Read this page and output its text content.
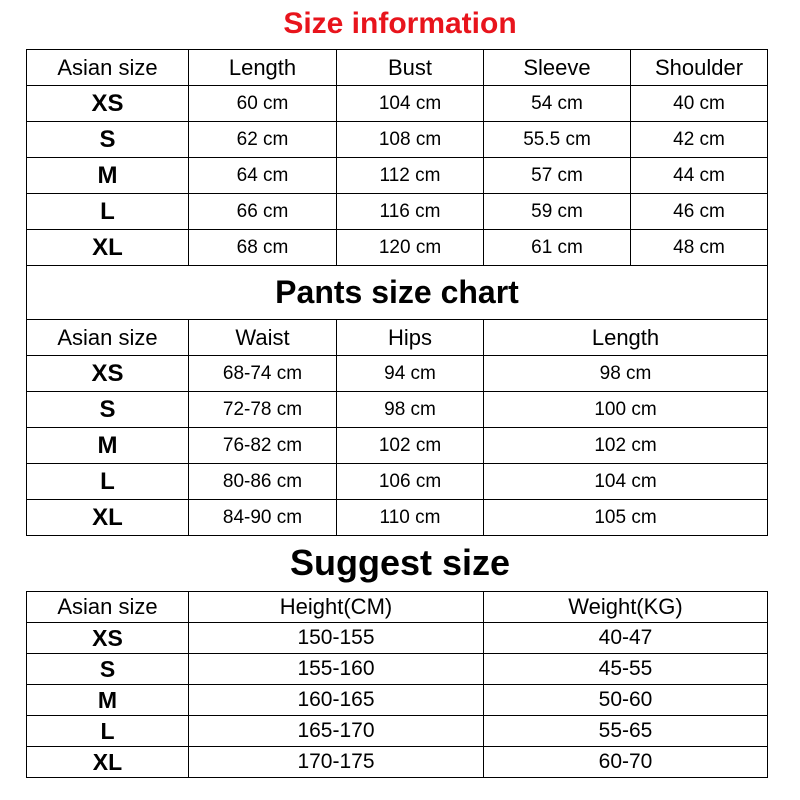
Size information
Asian size	Length	Bust	Sleeve	Shoulder
XS	60 cm	104 cm	54 cm	40 cm
S	62 cm	108 cm	55.5 cm	42 cm
M	64 cm	112 cm	57 cm	44 cm
L	66 cm	116 cm	59 cm	46 cm
XL	68 cm	120 cm	61 cm	48 cm
Pants size chart				
Asian size	Waist	Hips	Length	
XS	68-74 cm	94 cm	98 cm	
S	72-78 cm	98 cm	100 cm	
M	76-82 cm	102 cm	102 cm	
L	80-86 cm	106 cm	104 cm	
XL	84-90 cm	110 cm	105 cm	
Suggest size
Asian size	Height(CM)	Weight(KG)
XS	150-155	40-47
S	155-160	45-55
M	160-165	50-60
L	165-170	55-65
XL	170-175	60-70
